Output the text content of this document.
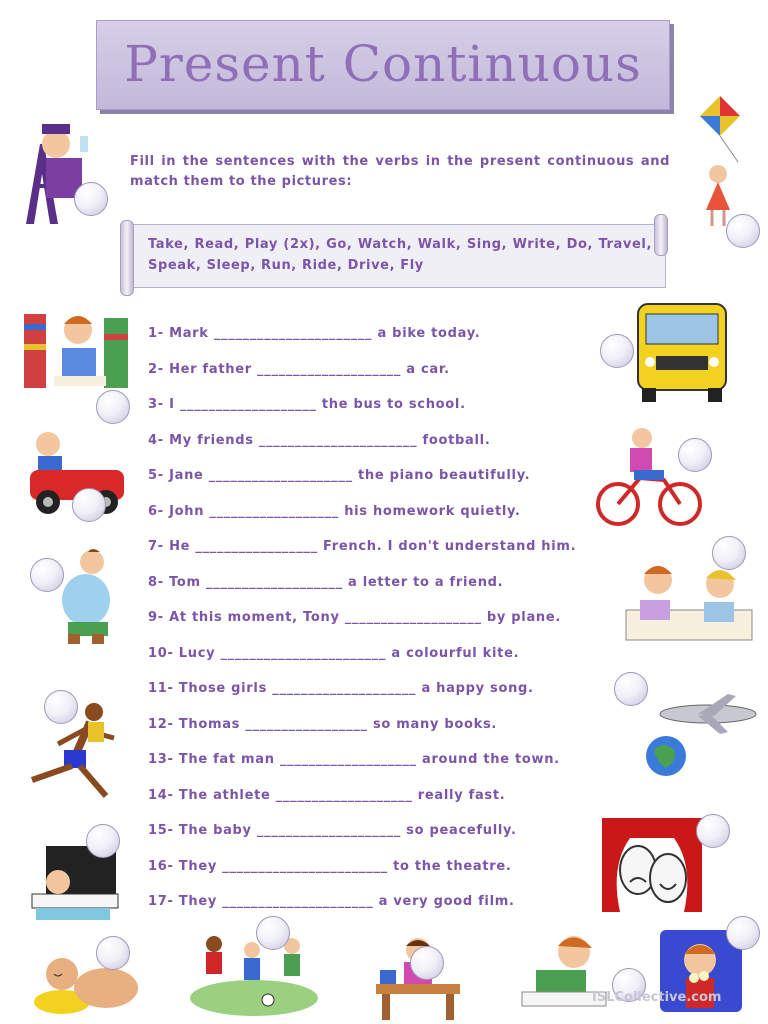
Present Continuous
Fill in the sentences with the verbs in the present continuous and match them to the pictures:
Take, Read, Play (2x), Go, Watch, Walk, Sing, Write, Do, Travel, Speak, Sleep, Run, Ride, Drive, Fly
1- Mark ______________________ a bike today.
2- Her father ____________________ a car.
3- I ___________________ the bus to school.
4- My friends ______________________ football.
5- Jane ____________________ the piano beautifully.
6- John __________________ his homework quietly.
7- He _________________ French. I don't understand him.
8- Tom ___________________ a letter to a friend.
9- At this moment, Tony ___________________ by plane.
10- Lucy _______________________ a colourful kite.
11- Those girls ____________________ a happy song.
12- Thomas _________________ so many books.
13- The fat man ___________________ around the town.
14- The athlete ___________________ really fast.
15- The baby ____________________ so peacefully.
16- They _______________________ to the theatre.
17- They _____________________ a very good film.
ISLCollective.com
